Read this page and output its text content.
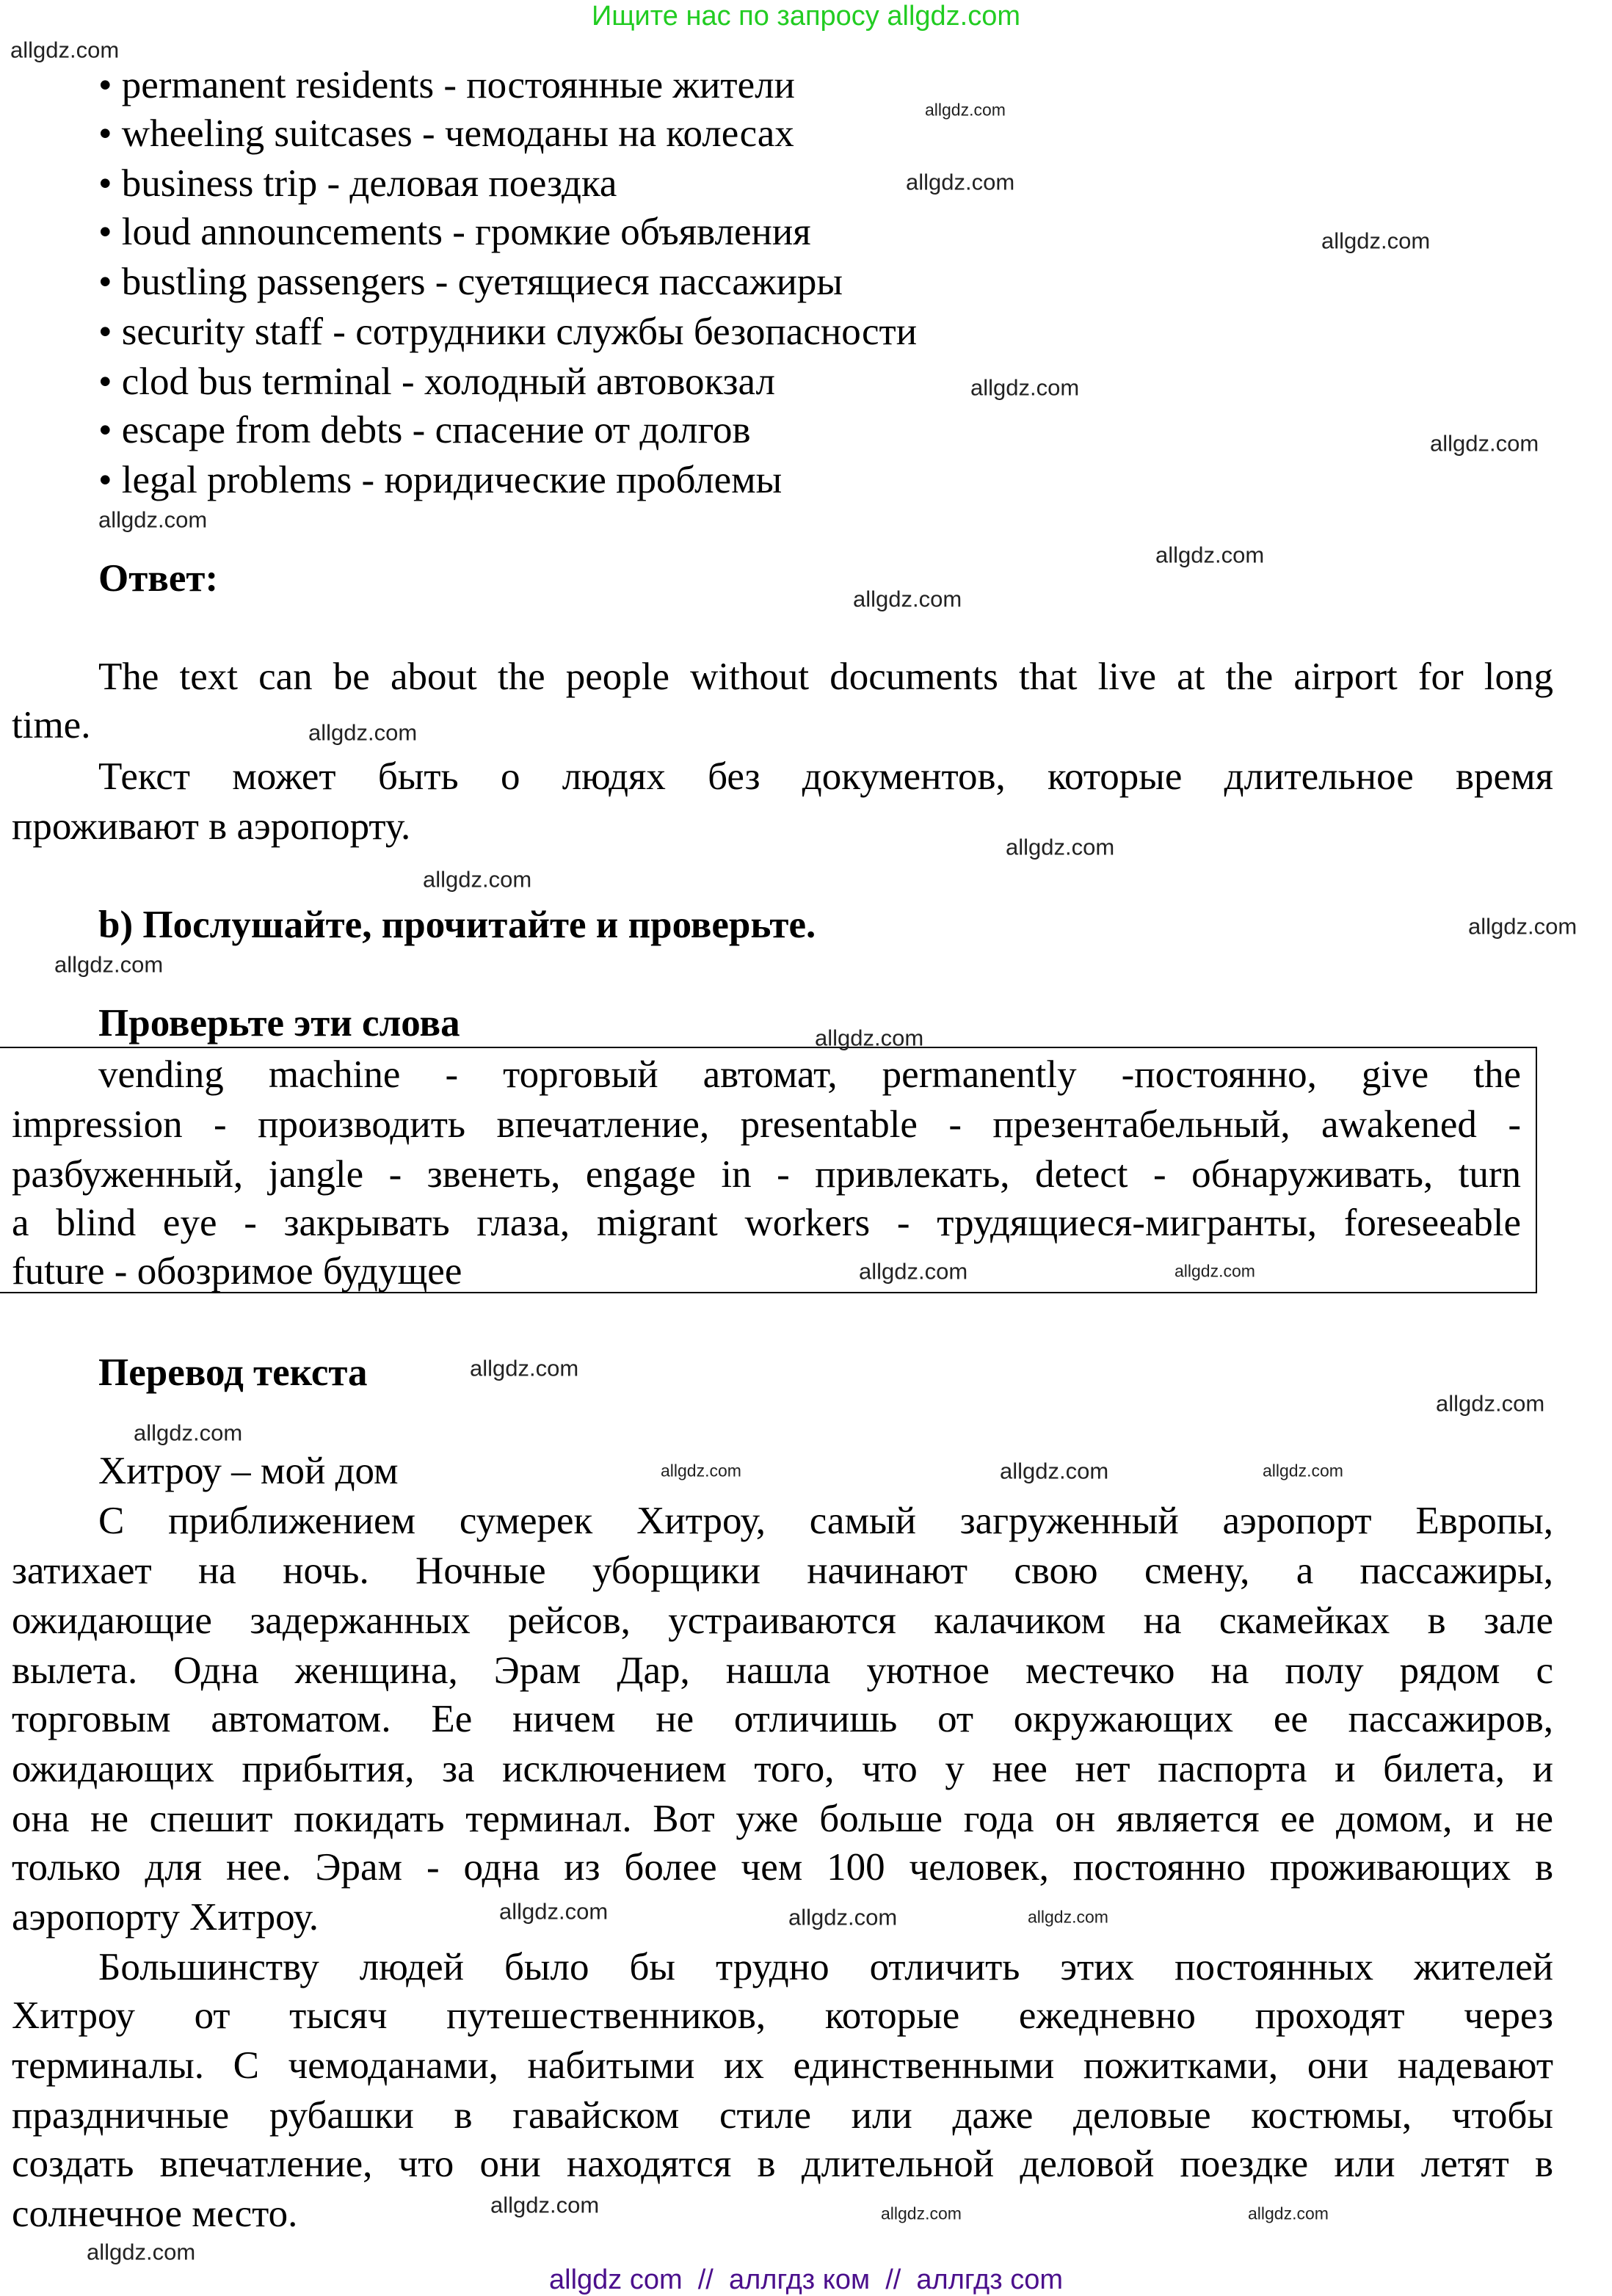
Ищите нас по запросу allgdz.com
• permanent residents - постоянные жители
• wheeling suitcases - чемоданы на колесах
• business trip - деловая поездка
• loud announcements - громкие объявления
• bustling passengers - суетящиеся пассажиры
• security staff - сотрудники службы безопасности
• clod bus terminal - холодный автовокзал
• escape from debts - спасение от долгов
• legal problems - юридические проблемы
Ответ:
The text can be about the people without documents that live at the airport for long
time.
Текст может быть о людях без документов, которые длительное время
проживают в аэропорту.
b) Послушайте, прочитайте и проверьте.
Проверьте эти слова
vending machine - торговый автомат, permanently -постоянно, give the
impression - производить впечатление, presentable - презентабельный, awakened -
разбуженный, jangle - звенеть, engage in - привлекать, detect - обнаруживать, turn
a blind eye - закрывать глаза, migrant workers - трудящиеся-мигранты, foreseeable
future - обозримое будущее
Перевод текста
Хитроу – мой дом
С приближением сумерек Хитроу, самый загруженный аэропорт Европы,
затихает на ночь. Ночные уборщики начинают свою смену, а пассажиры,
ожидающие задержанных рейсов, устраиваются калачиком на скамейках в зале
вылета. Одна женщина, Эрам Дар, нашла уютное местечко на полу рядом с
торговым автоматом. Ее ничем не отличишь от окружающих ее пассажиров,
ожидающих прибытия, за исключением того, что у нее нет паспорта и билета, и
она не спешит покидать терминал. Вот уже больше года он является ее домом, и не
только для нее. Эрам - одна из более чем 100 человек, постоянно проживающих в
аэропорту Хитроу.
Большинству людей было бы трудно отличить этих постоянных жителей
Хитроу от тысяч путешественников, которые ежедневно проходят через
терминалы. С чемоданами, набитыми их единственными пожитками, они надевают
праздничные рубашки в гавайском стиле или даже деловые костюмы, чтобы
создать впечатление, что они находятся в длительной деловой поездке или летят в
солнечное место.
allgdz.com
allgdz.com
allgdz.com
allgdz.com
allgdz.com
allgdz.com
allgdz.com
allgdz.com
allgdz.com
allgdz.com
allgdz.com
allgdz.com
allgdz.com
allgdz.com
allgdz.com
allgdz.com
allgdz.com
allgdz.com
allgdz.com
allgdz.com
allgdz.com	allgdz.com
allgdz.com
allgdz.com
allgdz.com	allgdz.com
allgdz.com	allgdz.com
allgdz.com
allgdz.com
allgdz com  //  аллгдз ком  //  аллгдз com
